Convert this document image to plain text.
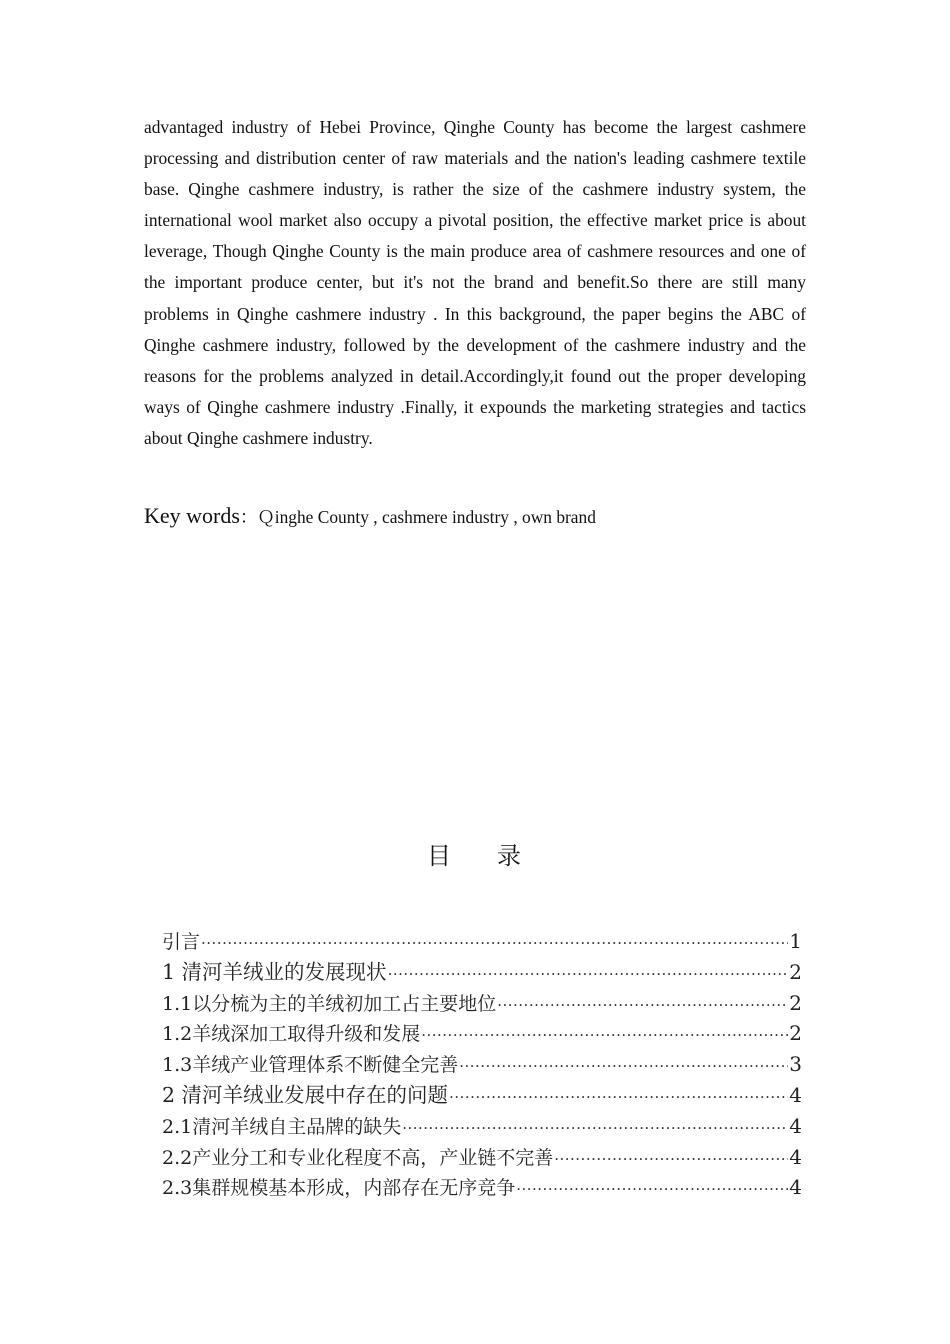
advantaged industry of Hebei Province, Qinghe County has become the largest cashmere processing and distribution center of raw materials and the nation's leading cashmere textile base. Qinghe cashmere industry, is rather the size of the cashmere industry system, the international wool market also occupy a pivotal position, the effective market price is about leverage, Though Qinghe County is the main produce area of cashmere resources and one of the important produce center, but it's not the brand and benefit.So there are still many problems in Qinghe cashmere industry . In this background, the paper begins the ABC of Qinghe cashmere industry, followed by the development of the cashmere industry and the reasons for the problems analyzed in detail.Accordingly,it found out the proper developing ways of Qinghe cashmere industry .Finally, it expounds the marketing strategies and tactics about Qinghe cashmere industry.

Key words：Ｑinghe County , cashmere industry , own brand
目 录
引言 ·····	1
1 清河羊绒业的发展现状 ·····	2
1.1以分梳为主的羊绒初加工占主要地位 ·····	2
1.2羊绒深加工取得升级和发展 ·····	2
1.3羊绒产业管理体系不断健全完善 ·····	3
2 清河羊绒业发展中存在的问题 ·····	4
2.1清河羊绒自主品牌的缺失 ·····	4
2.2产业分工和专业化程度不高，产业链不完善 ·····	4
2.3集群规模基本形成，内部存在无序竞争 ·····	4
